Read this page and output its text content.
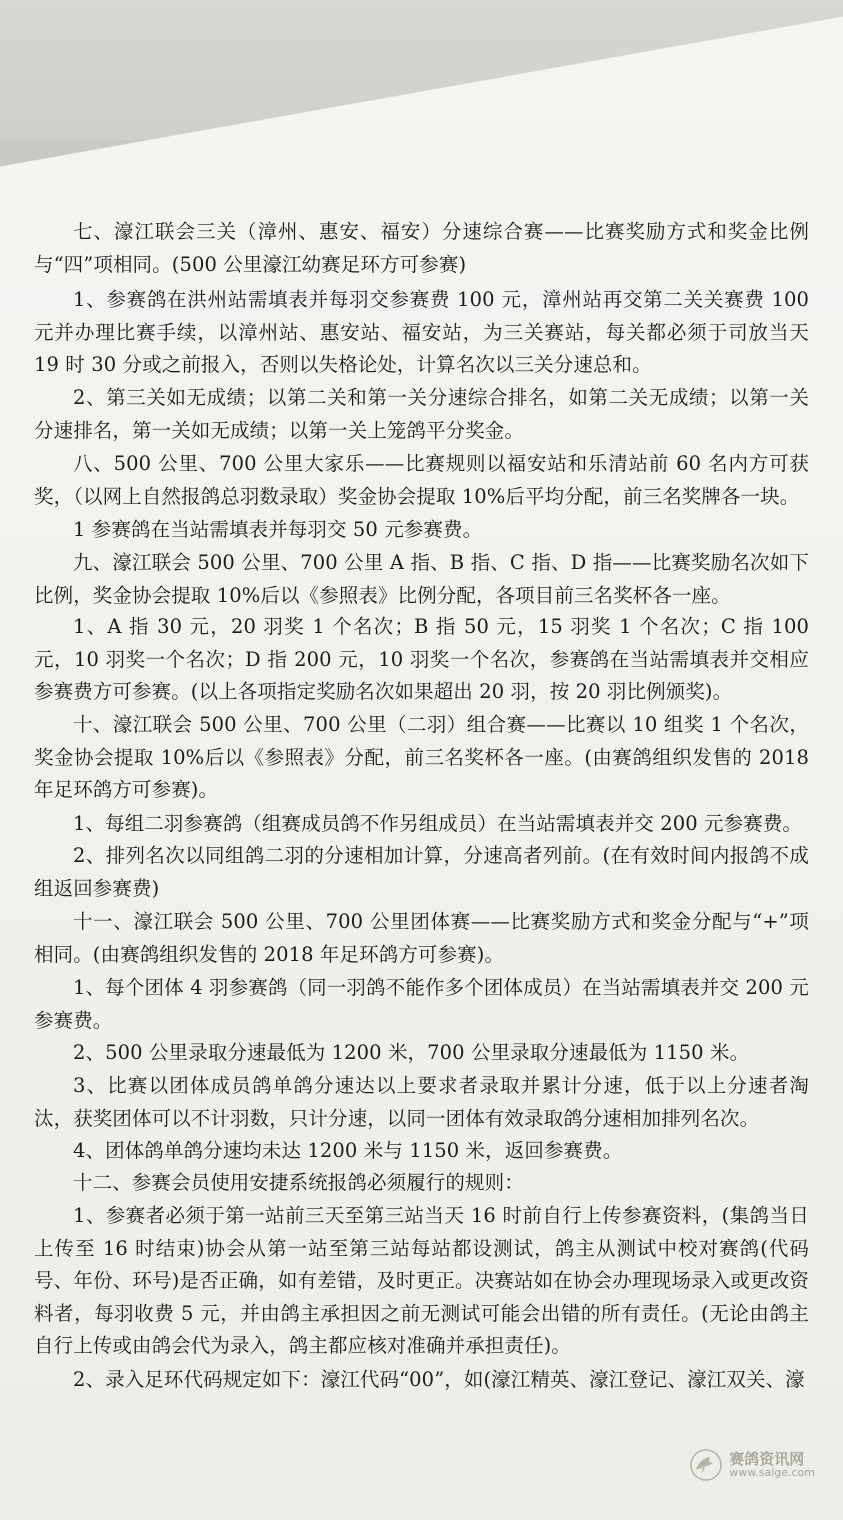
七、濠江联会三关（漳州、惠安、福安）分速综合赛——比赛奖励方式和奖金比例与“四”项相同。(500 公里濠江幼赛足环方可参赛)

1、参赛鸽在洪州站需填表并每羽交参赛费 100 元，漳州站再交第二关关赛费 100 元并办理比赛手续，以漳州站、惠安站、福安站，为三关赛站，每关都必须于司放当天 19 时 30 分或之前报入，否则以失格论处，计算名次以三关分速总和。

2、第三关如无成绩；以第二关和第一关分速综合排名，如第二关无成绩；以第一关分速排名，第一关如无成绩；以第一关上笼鸽平分奖金。

八、500 公里、700 公里大家乐——比赛规则以福安站和乐清站前 60 名内方可获奖，（以网上自然报鸽总羽数录取）奖金协会提取 10%后平均分配，前三名奖牌各一块。

1 参赛鸽在当站需填表并每羽交 50 元参赛费。

九、濠江联会 500 公里、700 公里 A 指、B 指、C 指、D 指——比赛奖励名次如下比例，奖金协会提取 10%后以《参照表》比例分配，各项目前三名奖杯各一座。

1、A 指 30 元，20 羽奖 1 个名次；B 指 50 元，15 羽奖 1 个名次；C 指 100 元，10 羽奖一个名次；D 指 200 元，10 羽奖一个名次，参赛鸽在当站需填表并交相应参赛费方可参赛。(以上各项指定奖励名次如果超出 20 羽，按 20 羽比例颁奖)。

十、濠江联会 500 公里、700 公里（二羽）组合赛——比赛以 10 组奖 1 个名次，奖金协会提取 10%后以《参照表》分配，前三名奖杯各一座。(由赛鸽组织发售的 2018 年足环鸽方可参赛)。

1、每组二羽参赛鸽（组赛成员鸽不作另组成员）在当站需填表并交 200 元参赛费。

2、排列名次以同组鸽二羽的分速相加计算，分速高者列前。(在有效时间内报鸽不成组返回参赛费)

十一、濠江联会 500 公里、700 公里团体赛——比赛奖励方式和奖金分配与“+”项相同。(由赛鸽组织发售的 2018 年足环鸽方可参赛)。

1、每个团体 4 羽参赛鸽（同一羽鸽不能作多个团体成员）在当站需填表并交 200 元参赛费。

2、500 公里录取分速最低为 1200 米，700 公里录取分速最低为 1150 米。

3、比赛以团体成员鸽单鸽分速达以上要求者录取并累计分速，低于以上分速者淘汰，获奖团体可以不计羽数，只计分速，以同一团体有效录取鸽分速相加排列名次。

4、团体鸽单鸽分速均未达 1200 米与 1150 米，返回参赛费。

十二、参赛会员使用安捷系统报鸽必须履行的规则：

1、参赛者必须于第一站前三天至第三站当天 16 时前自行上传参赛资料，(集鸽当日上传至 16 时结束)协会从第一站至第三站每站都设测试，鸽主从测试中校对赛鸽(代码号、年份、环号)是否正确，如有差错，及时更正。决赛站如在协会办理现场录入或更改资料者，每羽收费 5 元，并由鸽主承担因之前无测试可能会出错的所有责任。(无论由鸽主自行上传或由鸽会代为录入，鸽主都应核对准确并承担责任)。

2、录入足环代码规定如下：濠江代码“00”，如(濠江精英、濠江登记、濠江双关、濠

赛鸽资讯网
www.saige.com
